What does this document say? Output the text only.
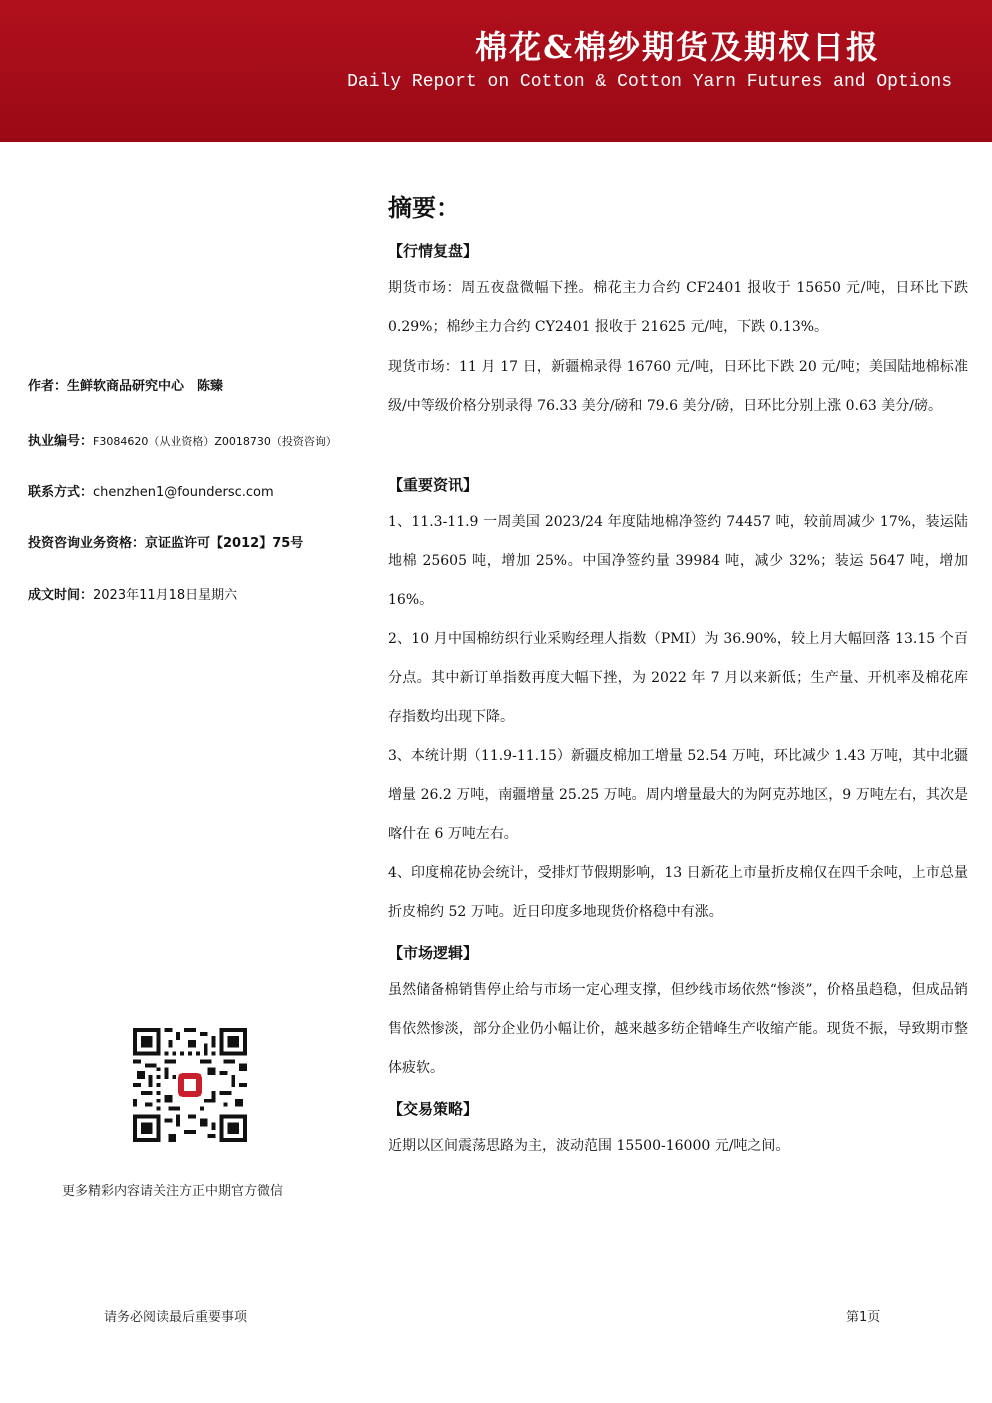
棉花&棉纱期货及期权日报
Daily Report on Cotton & Cotton Yarn Futures and Options
作者：生鲜软商品研究中心　陈臻
执业编号：F3084620（从业资格）Z0018730（投资咨询）
联系方式：chenzhen1@foundersc.com
投资咨询业务资格：京证监许可【2012】75号
成文时间：2023年11月18日星期六
更多精彩内容请关注方正中期官方微信
摘要：
【行情复盘】
期货市场：周五夜盘微幅下挫。棉花主力合约 CF2401 报收于 15650 元/吨，日环比下跌 0.29%；棉纱主力合约 CY2401 报收于 21625 元/吨，下跌 0.13%。
现货市场：11 月 17 日，新疆棉录得 16760 元/吨，日环比下跌 20 元/吨；美国陆地棉标准级/中等级价格分别录得 76.33 美分/磅和 79.6 美分/磅，日环比分别上涨 0.63 美分/磅。
【重要资讯】
1、11.3-11.9 一周美国 2023/24 年度陆地棉净签约 74457 吨，较前周减少 17%，装运陆地棉 25605 吨，增加 25%。中国净签约量 39984 吨，减少 32%；装运 5647 吨，增加 16%。
2、10 月中国棉纺织行业采购经理人指数（PMI）为 36.90%，较上月大幅回落 13.15 个百分点。其中新订单指数再度大幅下挫，为 2022 年 7 月以来新低；生产量、开机率及棉花库存指数均出现下降。
3、本统计期（11.9-11.15）新疆皮棉加工增量 52.54 万吨，环比减少 1.43 万吨，其中北疆增量 26.2 万吨，南疆增量 25.25 万吨。周内增量最大的为阿克苏地区，9 万吨左右，其次是喀什在 6 万吨左右。
4、印度棉花协会统计，受排灯节假期影响，13 日新花上市量折皮棉仅在四千余吨，上市总量折皮棉约 52 万吨。近日印度多地现货价格稳中有涨。
【市场逻辑】
虽然储备棉销售停止给与市场一定心理支撑，但纱线市场依然“惨淡”，价格虽趋稳，但成品销售依然惨淡，部分企业仍小幅让价，越来越多纺企错峰生产收缩产能。现货不振，导致期市整体疲软。
【交易策略】
近期以区间震荡思路为主，波动范围 15500-16000 元/吨之间。
请务必阅读最后重要事项	第1页
